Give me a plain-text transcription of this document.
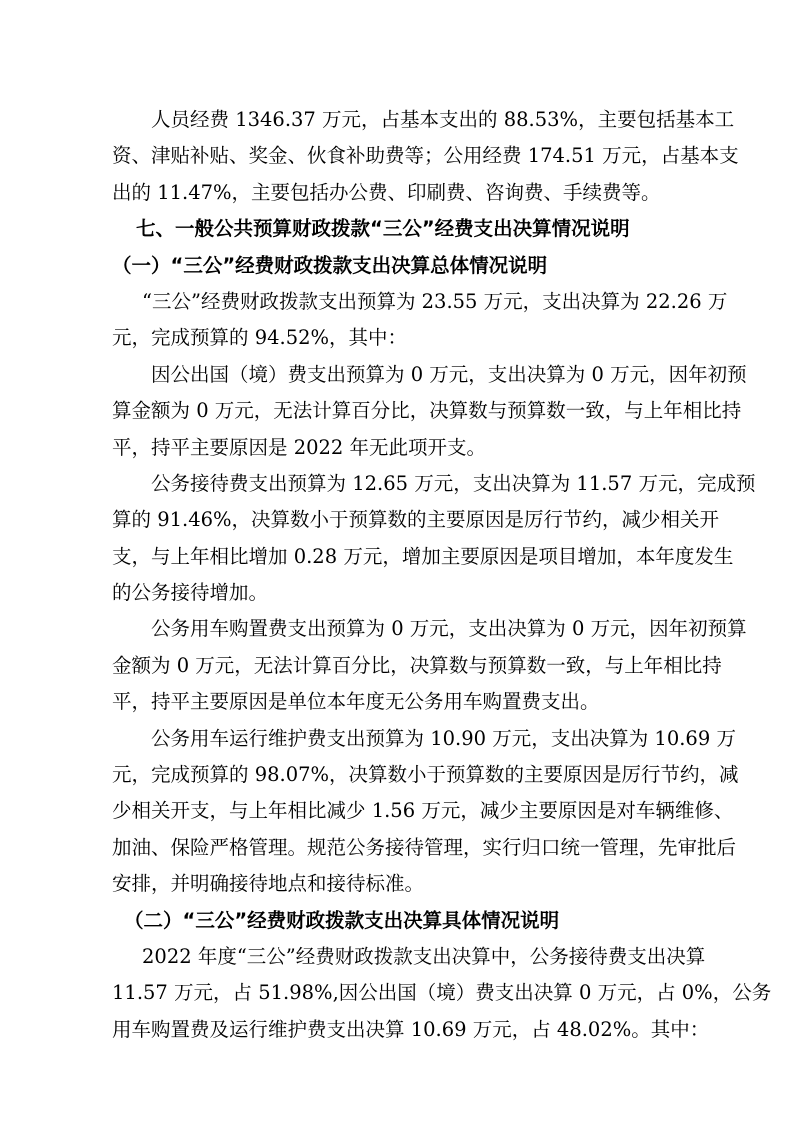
人员经费 1346.37 万元，占基本支出的 88.53%，主要包括基本工
资、津贴补贴、奖金、伙食补助费等；公用经费 174.51 万元，占基本支
出的 11.47%，主要包括办公费、印刷费、咨询费、手续费等。
七、一般公共预算财政拨款“三公”经费支出决算情况说明
（一）“三公”经费财政拨款支出决算总体情况说明
“三公”经费财政拨款支出预算为 23.55 万元，支出决算为 22.26 万
元，完成预算的 94.52%，其中：
因公出国（境）费支出预算为 0 万元，支出决算为 0 万元，因年初预
算金额为 0 万元，无法计算百分比，决算数与预算数一致，与上年相比持
平，持平主要原因是 2022 年无此项开支。
公务接待费支出预算为 12.65 万元，支出决算为 11.57 万元，完成预
算的 91.46%，决算数小于预算数的主要原因是厉行节约，减少相关开
支，与上年相比增加 0.28 万元，增加主要原因是项目增加，本年度发生
的公务接待增加。
公务用车购置费支出预算为 0 万元，支出决算为 0 万元，因年初预算
金额为 0 万元，无法计算百分比，决算数与预算数一致，与上年相比持
平，持平主要原因是单位本年度无公务用车购置费支出。
公务用车运行维护费支出预算为 10.90 万元，支出决算为 10.69 万
元，完成预算的 98.07%，决算数小于预算数的主要原因是厉行节约，减
少相关开支，与上年相比减少 1.56 万元，减少主要原因是对车辆维修、
加油、保险严格管理。规范公务接待管理，实行归口统一管理，先审批后
安排，并明确接待地点和接待标准。
（二）“三公”经费财政拨款支出决算具体情况说明
2022 年度“三公”经费财政拨款支出决算中，公务接待费支出决算
11.57 万元，占 51.98%,因公出国（境）费支出决算 0 万元，占 0%，公务
用车购置费及运行维护费支出决算 10.69 万元，占 48.02%。其中：
